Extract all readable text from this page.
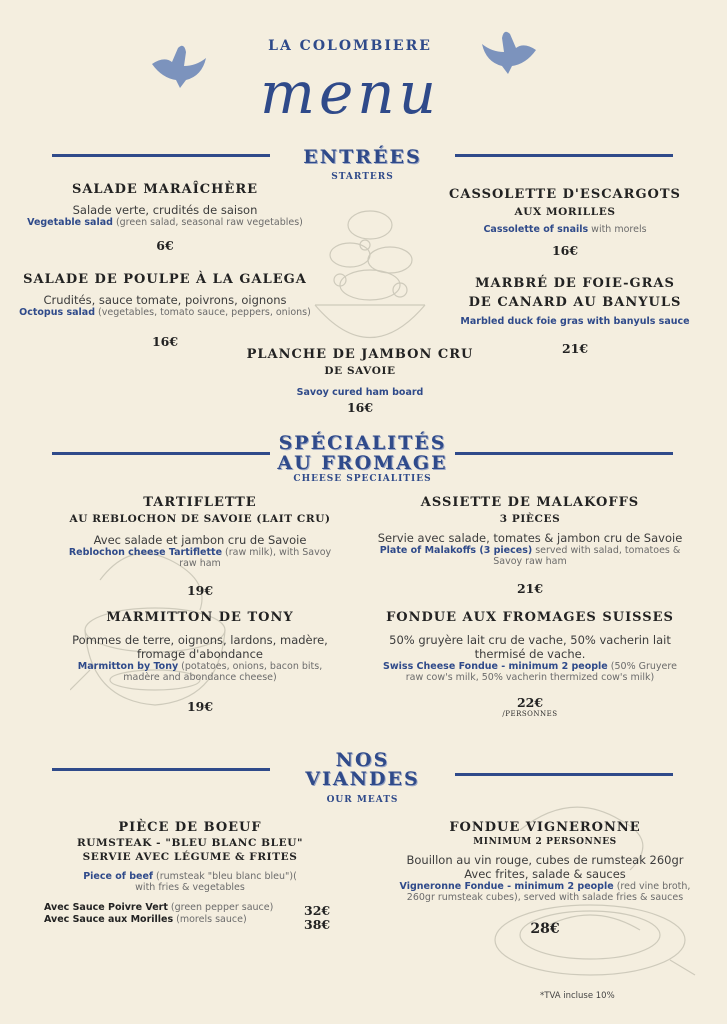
LA COLOMBIERE
menu
ENTRÉES
STARTERS
SALADE MARAÎCHÈRE
Salade verte, crudités de saison
Vegetable salad (green salad, seasonal raw vegetables)
6€
SALADE DE POULPE À LA GALEGA
Crudités, sauce tomate, poivrons, oignons
Octopus salad (vegetables, tomato sauce, peppers, onions)
16€
PLANCHE DE JAMBON CRU
DE SAVOIE
Savoy cured ham board
16€
CASSOLETTE D'ESCARGOTS
AUX MORILLES
Cassolette of snails with morels
16€
MARBRÉ DE FOIE-GRAS
DE CANARD AU BANYULS
Marbled duck foie gras with banyuls sauce
21€
SPÉCIALITÉS
AU FROMAGE
CHEESE SPECIALITIES
TARTIFLETTE
AU REBLOCHON DE SAVOIE (LAIT CRU)
Avec salade et jambon cru de Savoie
Reblochon cheese Tartiflette (raw milk), with Savoy
raw ham
19€
MARMITTON DE TONY
Pommes de terre, oignons, lardons, madère,
fromage d'abondance
Marmitton by Tony (potatoes, onions, bacon bits,
madère and abondance cheese)
19€
ASSIETTE DE MALAKOFFS
3 PIÈCES
Servie avec salade, tomates & jambon cru de Savoie
Plate of Malakoffs (3 pieces) served with salad, tomatoes &
Savoy raw ham
21€
FONDUE AUX FROMAGES SUISSES
50% gruyère lait cru de vache, 50% vacherin lait
thermisé de vache.
Swiss Cheese Fondue - minimum 2 people (50% Gruyere
raw cow's milk, 50% vacherin thermized cow's milk)
22€
/PERSONNES
NOS
VIANDES
OUR MEATS
PIÈCE DE BOEUF
RUMSTEAK - "BLEU BLANC BLEU"
SERVIE AVEC LÉGUME & FRITES
Piece of beef (rumsteak "bleu blanc bleu")(
with fries & vegetables
Avec Sauce Poivre Vert (green pepper sauce)
Avec Sauce aux Morilles (morels sauce)
32€
38€
FONDUE VIGNERONNE
MINIMUM 2 PERSONNES
Bouillon au vin rouge, cubes de rumsteak 260gr
Avec frites, salade & sauces
Vigneronne Fondue - minimum 2 people (red vine broth,
260gr rumsteak cubes), served with salade fries & sauces
28€
*TVA incluse 10%
